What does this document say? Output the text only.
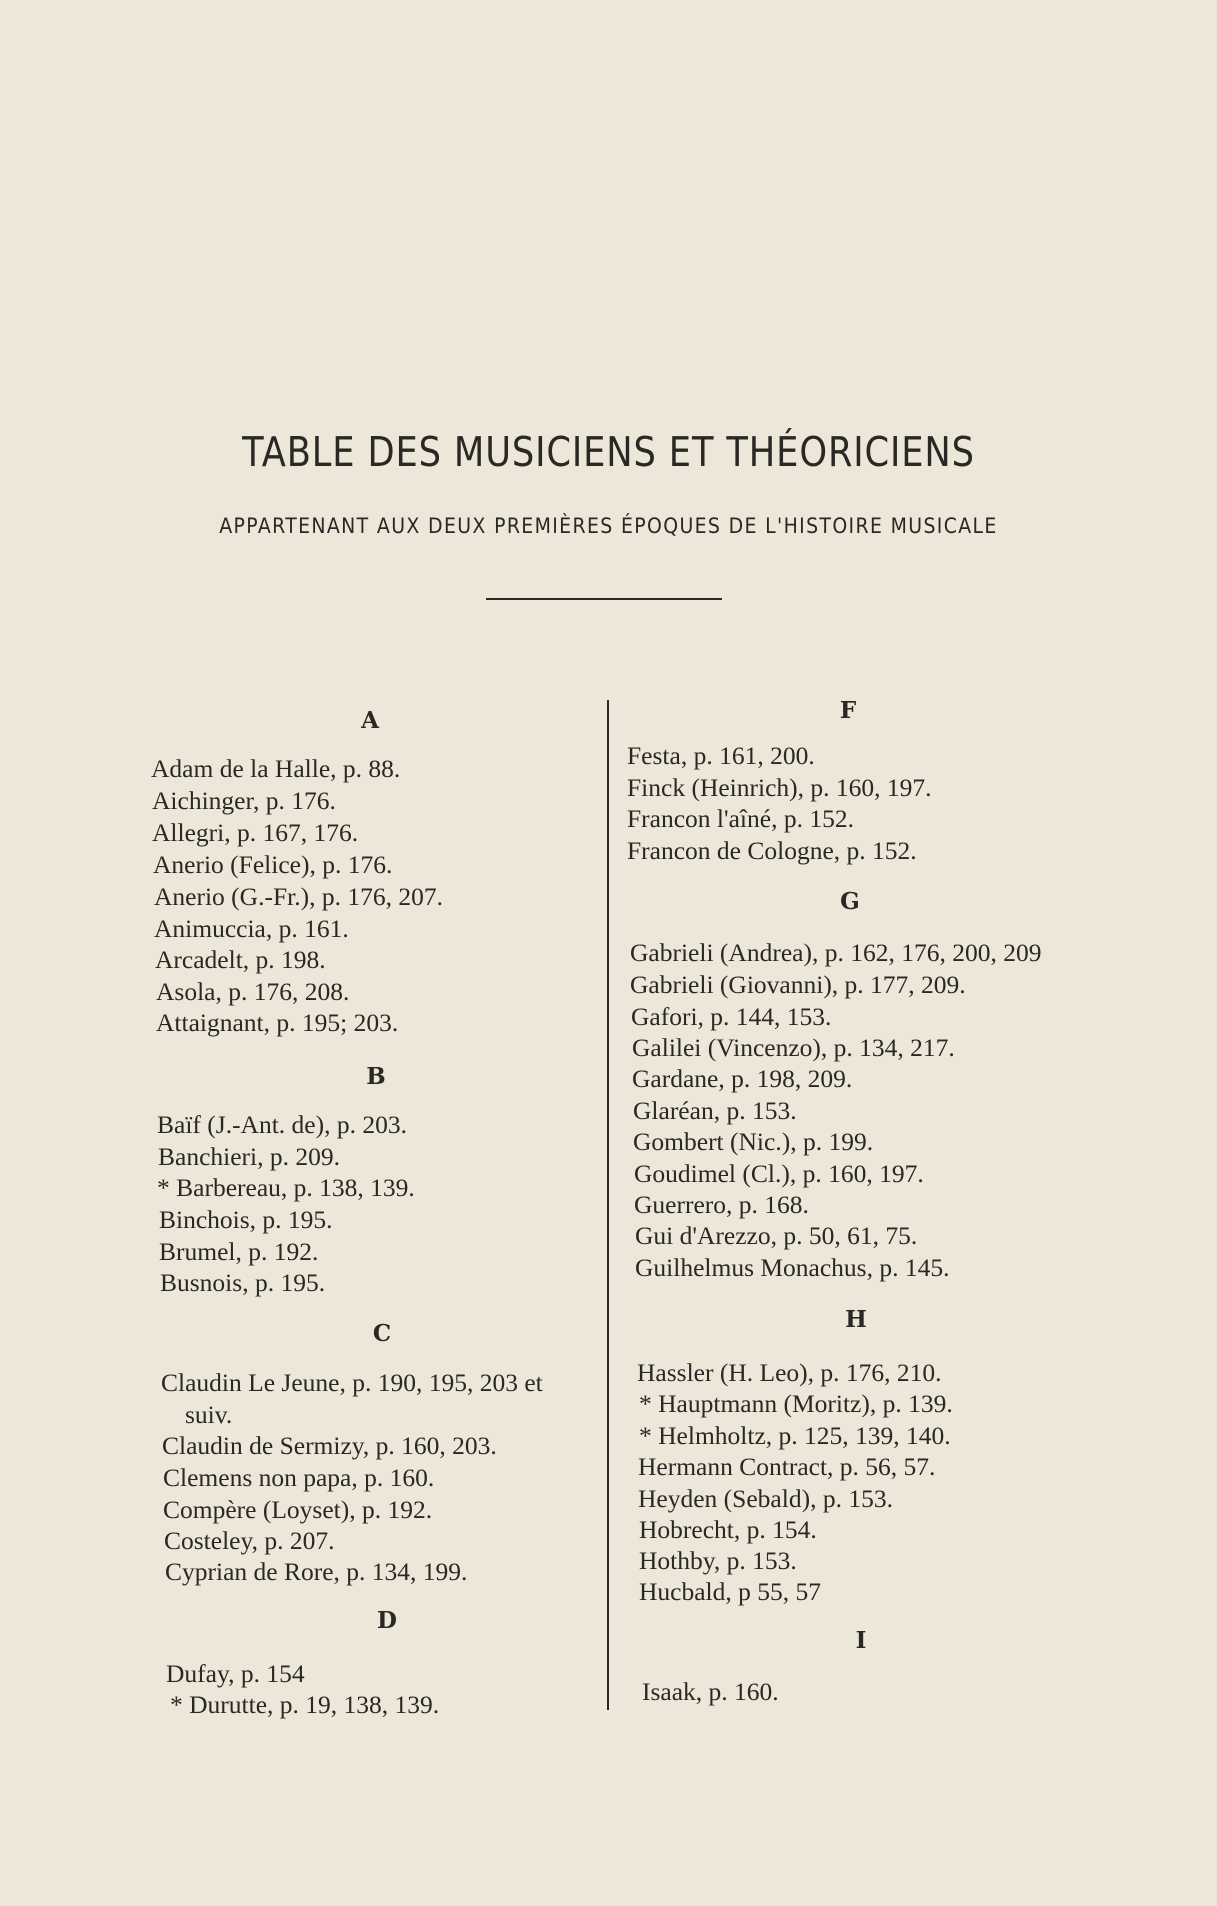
TABLE DES MUSICIENS ET THÉORICIENS
APPARTENANT AUX DEUX PREMIÈRES ÉPOQUES DE L'HISTOIRE MUSICALE
A
Adam de la Halle, p. 88.
Aichinger, p. 176.
Allegri, p. 167, 176.
Anerio (Felice), p. 176.
Anerio (G.-Fr.), p. 176, 207.
Animuccia, p. 161.
Arcadelt, p. 198.
Asola, p. 176, 208.
Attaignant, p. 195; 203.
B
Baïf (J.-Ant. de), p. 203.
Banchieri, p. 209.
* Barbereau, p. 138, 139.
Binchois, p. 195.
Brumel, p. 192.
Busnois, p. 195.
C
Claudin Le Jeune, p. 190, 195, 203 et
suiv.
Claudin de Sermizy, p. 160, 203.
Clemens non papa, p. 160.
Compère (Loyset), p. 192.
Costeley, p. 207.
Cyprian de Rore, p. 134, 199.
D
Dufay, p. 154
* Durutte, p. 19, 138, 139.
F
Festa, p. 161, 200.
Finck (Heinrich), p. 160, 197.
Francon l'aîné, p. 152.
Francon de Cologne, p. 152.
G
Gabrieli (Andrea), p. 162, 176, 200, 209
Gabrieli (Giovanni), p. 177, 209.
Gafori, p. 144, 153.
Galilei (Vincenzo), p. 134, 217.
Gardane, p. 198, 209.
Glaréan, p. 153.
Gombert (Nic.), p. 199.
Goudimel (Cl.), p. 160, 197.
Guerrero, p. 168.
Gui d'Arezzo, p. 50, 61, 75.
Guilhelmus Monachus, p. 145.
H
Hassler (H. Leo), p. 176, 210.
* Hauptmann (Moritz), p. 139.
* Helmholtz, p. 125, 139, 140.
Hermann Contract, p. 56, 57.
Heyden (Sebald), p. 153.
Hobrecht, p. 154.
Hothby, p. 153.
Hucbald, p 55, 57
I
Isaak, p. 160.
